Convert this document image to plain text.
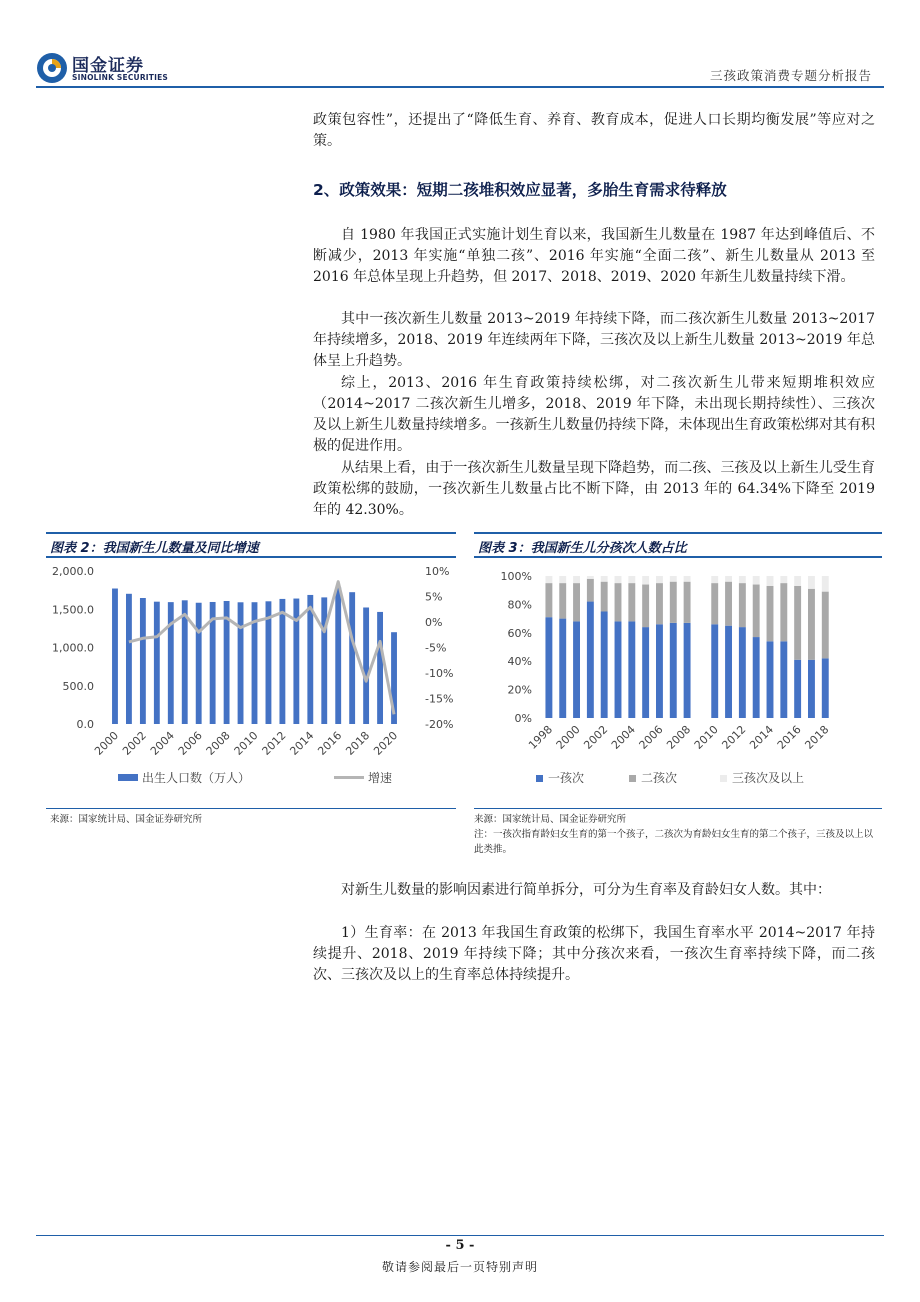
国金证券
SINOLINK SECURITIES	三孩政策消费专题分析报告

政策包容性”，还提出了“降低生育、养育、教育成本，促进人口长期均衡发展”等应对之策。

2、政策效果：短期二孩堆积效应显著，多胎生育需求待释放

自 1980 年我国正式实施计划生育以来，我国新生儿数量在 1987 年达到峰值后、不断减少，2013 年实施“单独二孩”、2016 年实施“全面二孩”、新生儿数量从 2013 至 2016 年总体呈现上升趋势，但 2017、2018、2019、2020 年新生儿数量持续下滑。

其中一孩次新生儿数量 2013~2019 年持续下降，而二孩次新生儿数量 2013~2017 年持续增多，2018、2019 年连续两年下降，三孩次及以上新生儿数量 2013~2019 年总体呈上升趋势。

综上，2013、2016 年生育政策持续松绑，对二孩次新生儿带来短期堆积效应（2014~2017 二孩次新生儿增多，2018、2019 年下降，未出现长期持续性）、三孩次及以上新生儿数量持续增多。一孩新生儿数量仍持续下降，未体现出生育政策松绑对其有积极的促进作用。

从结果上看，由于一孩次新生儿数量呈现下降趋势，而二孩、三孩及以上新生儿受生育政策松绑的鼓励，一孩次新生儿数量占比不断下降，由 2013 年的 64.34%下降至 2019 年的 42.30%。

图表 2：我国新生儿数量及同比增速	图表 3：我国新生儿分孩次人数占比
0.0
500.0
1,000.0
1,500.0
2,000.0
-20%
-15%
-10%
-5%
0%
5%
10%
2000
2002
2004
2006
2008
2010
2012
2014
2016
2018
2020
出生人口数（万人）	增速
0%
20%
40%
60%
80%
100%
1998
2000
2002
2004
2006
2008
2010
2012
2014
2016
2018
一孩次	二孩次	三孩次及以上
来源：国家统计局、国金证券研究所	来源：国家统计局、国金证券研究所
注：一孩次指育龄妇女生育的第一个孩子，二孩次为育龄妇女生育的第二个孩子，三孩及以上以此类推。

对新生儿数量的影响因素进行简单拆分，可分为生育率及育龄妇女人数。其中：

1）生育率：在 2013 年我国生育政策的松绑下，我国生育率水平 2014~2017 年持续提升、2018、2019 年持续下降；其中分孩次来看，一孩次生育率持续下降，而二孩次、三孩次及以上的生育率总体持续提升。

- 5 -
敬请参阅最后一页特别声明
